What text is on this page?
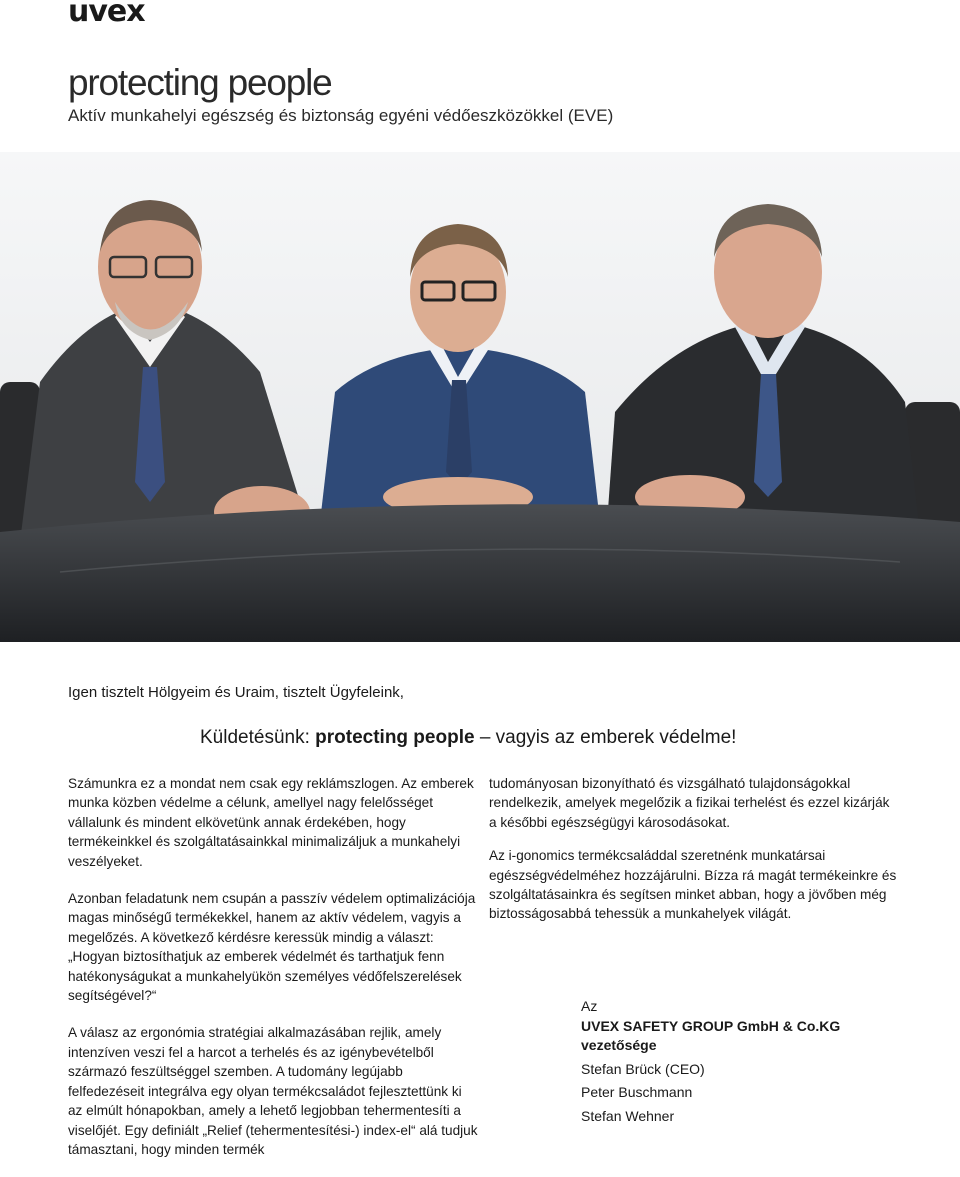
uvex
protecting people
Aktív munkahelyi egészség és biztonság egyéni védőeszközökkel (EVE)
Igen tisztelt Hölgyeim és Uraim, tisztelt Ügyfeleink,
Küldetésünk: protecting people – vagyis az emberek védelme!

Számunkra ez a mondat nem csak egy reklámszlogen. Az emberek munka közben védelme a célunk, amellyel nagy felelősséget vállalunk és mindent elkövetünk annak érdekében, hogy termékeinkkel és szolgáltatásainkkal minimalizáljuk a munkahelyi veszélyeket.

Azonban feladatunk nem csupán a passzív védelem optimalizációja magas minőségű termékekkel, hanem az aktív védelem, vagyis a megelőzés. A következő kérdésre keressük mindig a választ: „Hogyan biztosíthatjuk az emberek védelmét és tarthatjuk fenn hatékonyságukat a munkahelyükön személyes védőfelszerelések segítségével?“

A válasz az ergonómia stratégiai alkalmazásában rejlik, amely intenzíven veszi fel a harcot a terhelés és az igénybevételből származó feszültséggel szemben. A tudomány legújabb felfedezéseit integrálva egy olyan termékcsaládot fejlesztettünk ki az elmúlt hónapokban, amely a lehető legjobban tehermentesíti a viselőjét. Egy definiált „Relief (tehermentesítési-) index-el“ alá tudjuk támasztani, hogy minden termék

tudományosan bizonyítható és vizsgálható tulajdonságokkal rendelkezik, amelyek megelőzik a fizikai terhelést és ezzel kizárják a későbbi egészségügyi károsodásokat.

Az i-gonomics termékcsaláddal szeretnénk munkatársai egészségvédelméhez hozzájárulni. Bízza rá magát termékeinkre és szolgáltatásainkra és segítsen minket abban, hogy a jövőben még biztosságosabbá tehessük a munkahelyek világát.

Az
UVEX SAFETY GROUP GmbH & Co.KG
vezetősége
Stefan Brück (CEO)
Peter Buschmann
Stefan Wehner
